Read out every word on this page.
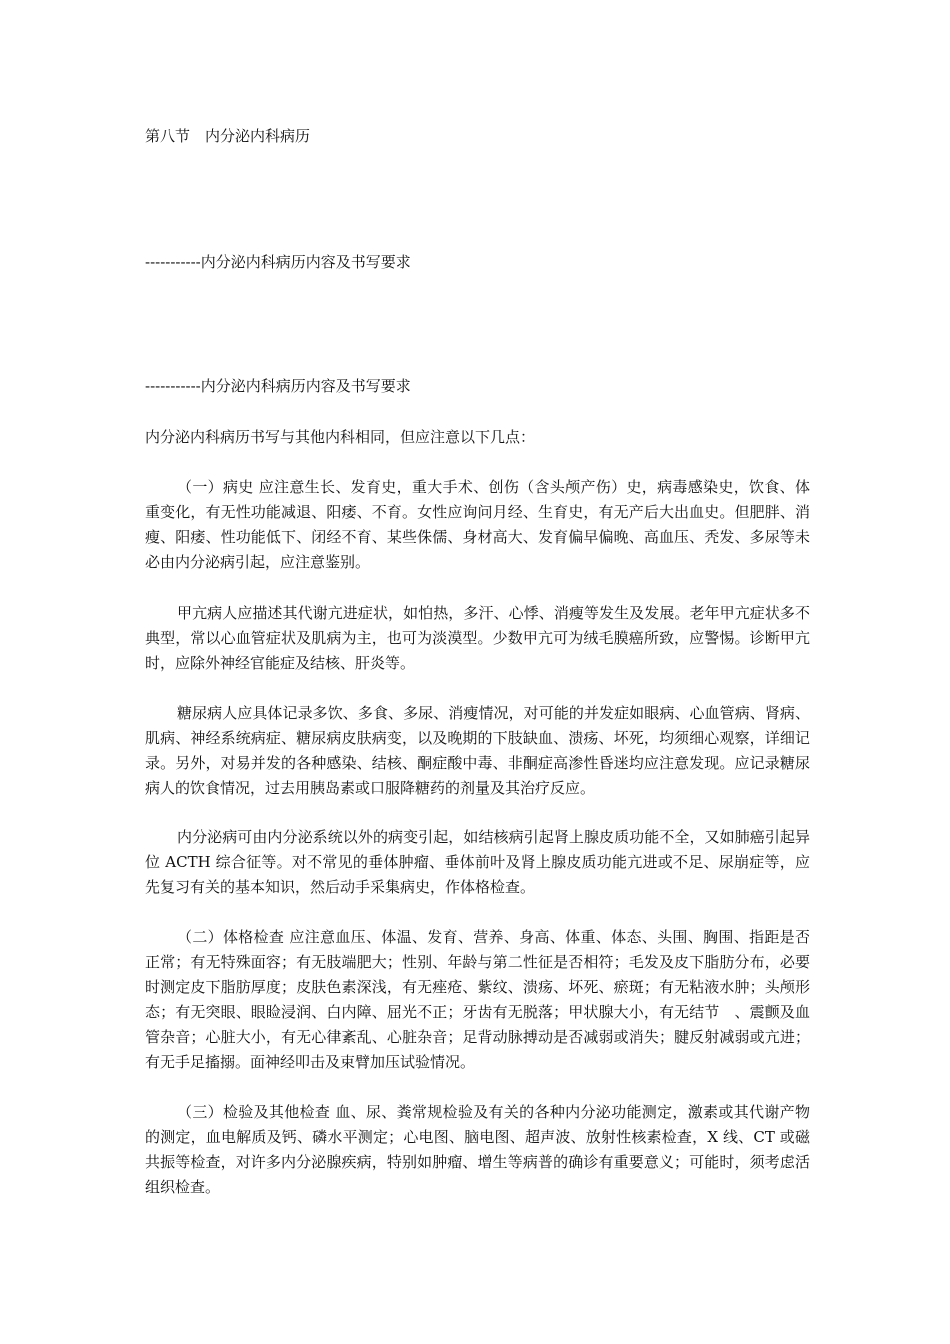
第八节　内分泌内科病历
-----------内分泌内科病历内容及书写要求
-----------内分泌内科病历内容及书写要求
内分泌内科病历书写与其他内科相同，但应注意以下几点：
（一）病史 应注意生长、发育史，重大手术、创伤（含头颅产伤）史，病毒感染史，饮食、体重变化，有无性功能减退、阳痿、不育。女性应询问月经、生育史，有无产后大出血史。但肥胖、消瘦、阳痿、性功能低下、闭经不育、某些侏儒、身材高大、发育偏早偏晚、高血压、秃发、多尿等未必由内分泌病引起，应注意鉴别。
甲亢病人应描述其代谢亢进症状，如怕热，多汗、心悸、消瘦等发生及发展。老年甲亢症状多不典型，常以心血管症状及肌病为主，也可为淡漠型。少数甲亢可为绒毛膜癌所致，应警惕。诊断甲亢时，应除外神经官能症及结核、肝炎等。
糖尿病人应具体记录多饮、多食、多尿、消瘦情况，对可能的并发症如眼病、心血管病、肾病、肌病、神经系统病症、糖尿病皮肤病变，以及晚期的下肢缺血、溃疡、坏死，均须细心观察，详细记录。另外，对易并发的各种感染、结核、酮症酸中毒、非酮症高渗性昏迷均应注意发现。应记录糖尿病人的饮食情况，过去用胰岛素或口服降糖药的剂量及其治疗反应。
内分泌病可由内分泌系统以外的病变引起，如结核病引起肾上腺皮质功能不全，又如肺癌引起异位 ACTH 综合征等。对不常见的垂体肿瘤、垂体前叶及肾上腺皮质功能亢进或不足、尿崩症等，应先复习有关的基本知识，然后动手采集病史，作体格检查。
（二）体格检查 应注意血压、体温、发育、营养、身高、体重、体态、头围、胸围、指距是否正常；有无特殊面容；有无肢端肥大；性别、年龄与第二性征是否相符；毛发及皮下脂肪分布，必要时测定皮下脂肪厚度；皮肤色素深浅，有无痤疮、紫纹、溃疡、坏死、瘀斑；有无粘液水肿；头颅形态；有无突眼、眼睑浸润、白内障、屈光不正；牙齿有无脱落；甲状腺大小，有无结节　、震颤及血管杂音；心脏大小，有无心律紊乱、心脏杂音；足背动脉搏动是否减弱或消失；腱反射减弱或亢进；有无手足搐搦。面神经叩击及束臂加压试验情况。
（三）检验及其他检查 血、尿、粪常规检验及有关的各种内分泌功能测定，激素或其代谢产物的测定，血电解质及钙、磷水平测定；心电图、脑电图、超声波、放射性核素检查，X 线、CT 或磁共振等检查，对许多内分泌腺疾病，特别如肿瘤、增生等病普的确诊有重要意义；可能时，须考虑活组织检查。
